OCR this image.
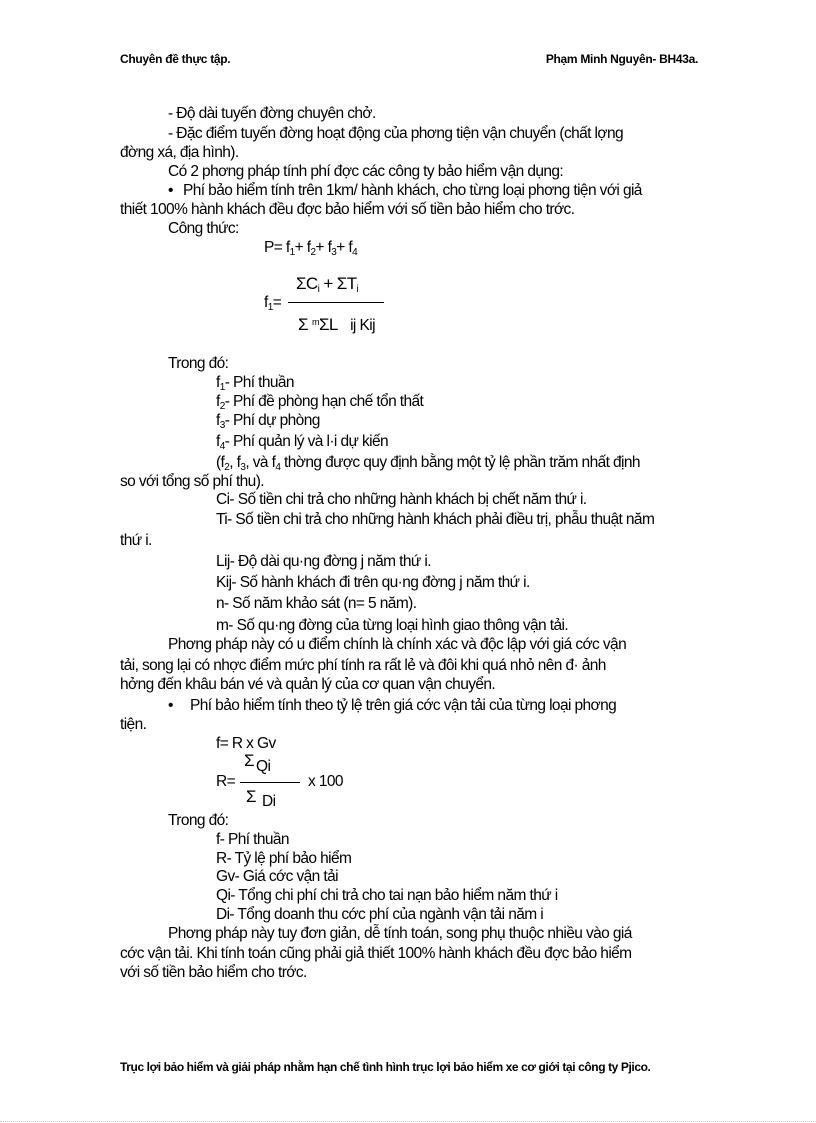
Chuyên đề thực tập.	Phạm Minh Nguyên- BH43a.
- Độ dài tuyến đờng chuyên chở.
- Đặc điểm tuyến đờng hoạt động của phơng tiện vận chuyển (chất lợng
đờng xá, địa hình).
Có 2 phơng pháp tính phí đợc các công ty bảo hiểm vận dụng:
• Phí bảo hiểm tính trên 1km/ hành khách, cho từng loại phơng tiện với giả
thiết 100% hành khách đều đợc bảo hiểm với số tiền bảo hiểm cho trớc.
Công thức:
$P= f_1+ f_2+ f_3+ f_4$
$f_1=$
$\Sigma C_i + \Sigma T_i$
Σ $^m$ΣL ij Kij
Trong đó:
$f_1-$ Phí thuần
$f_2-$ Phí đề phòng hạn chế tổn thất
$f_3-$ Phí dự phòng
$f_4-$ Phí quản lý và l·i dự kiến
($f_2$, $f_3$, và $f_4$ thờng được quy định bằng một tỷ lệ phần trăm nhất định
so với tổng số phí thu).
Ci- Số tiền chi trả cho những hành khách bị chết năm thứ i.
Ti- Số tiền chi trả cho những hành khách phải điều trị, phẫu thuật năm
thứ i.
Lij- Độ dài qu·ng đờng j năm thứ i.
Kij- Số hành khách đi trên qu·ng đờng j năm thứ i.
n- Số năm khảo sát (n= 5 năm).
m- Số qu·ng đờng của từng loại hình giao thông vận tải.
Phơng pháp này có u điểm chính là chính xác và độc lập với giá cớc vận
tải, song lại có nhợc điểm mức phí tính ra rất lẻ và đôi khi quá nhỏ nên đ· ảnh
hởng đến khâu bán vé và quản lý của cơ quan vận chuyển.
• Phí bảo hiểm tính theo tỷ lệ trên giá cớc vận tải của từng loại phơng
tiện.
f= R x Gv
Σ Qi
R=	x 100
Σ Di
Trong đó:
f- Phí thuần
R- Tỷ lệ phí bảo hiểm
Gv- Giá cớc vận tải
Qi- Tổng chi phí chi trả cho tai nạn bảo hiểm năm thứ i
Di- Tổng doanh thu cớc phí của ngành vận tải năm i
Phơng pháp này tuy đơn giản, dễ tính toán, song phụ thuộc nhiều vào giá
cớc vận tải. Khi tính toán cũng phải giả thiết 100% hành khách đều đợc bảo hiểm
với số tiền bảo hiểm cho trớc.
Trục lợi bảo hiểm và giải pháp nhằm hạn chế tình hình trục lợi bảo hiểm xe cơ giới tại công ty Pjico.
